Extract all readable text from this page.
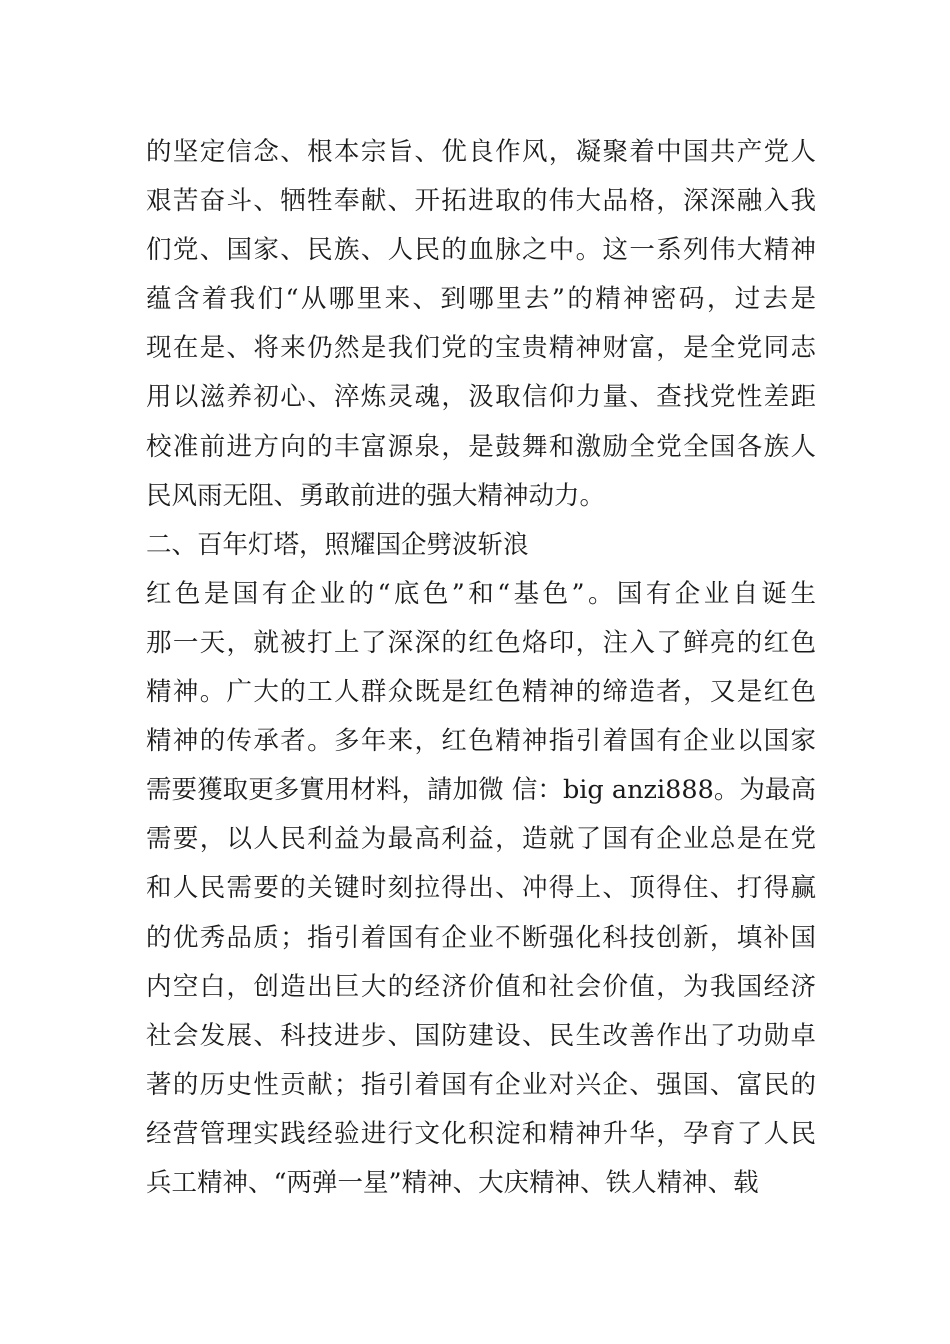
的坚定信念、根本宗旨、优良作风，凝聚着中国共产党人
艰苦奋斗、牺牲奉献、开拓进取的伟大品格，深深融入我
们党、国家、民族、人民的血脉之中。这一系列伟大精神
蕴含着我们“从哪里来、到哪里去”的精神密码，过去是
现在是、将来仍然是我们党的宝贵精神财富，是全党同志
用以滋养初心、淬炼灵魂，汲取信仰力量、查找党性差距
校准前进方向的丰富源泉，是鼓舞和激励全党全国各族人
民风雨无阻、勇敢前进的强大精神动力。
二、百年灯塔，照耀国企劈波斩浪
红色是国有企业的“底色”和“基色”。国有企业自诞生
那一天，就被打上了深深的红色烙印，注入了鲜亮的红色
精神。广大的工人群众既是红色精神的缔造者，又是红色
精神的传承者。多年来，红色精神指引着国有企业以国家
需要獲取更多實用材料，請加微 信：big anzi888。为最高
需要，以人民利益为最高利益，造就了国有企业总是在党
和人民需要的关键时刻拉得出、冲得上、顶得住、打得赢
的优秀品质；指引着国有企业不断强化科技创新，填补国
内空白，创造出巨大的经济价值和社会价值，为我国经济
社会发展、科技进步、国防建设、民生改善作出了功勋卓
著的历史性贡献；指引着国有企业对兴企、强国、富民的
经营管理实践经验进行文化积淀和精神升华，孕育了人民
兵工精神、“两弹一星”精神、大庆精神、铁人精神、载
